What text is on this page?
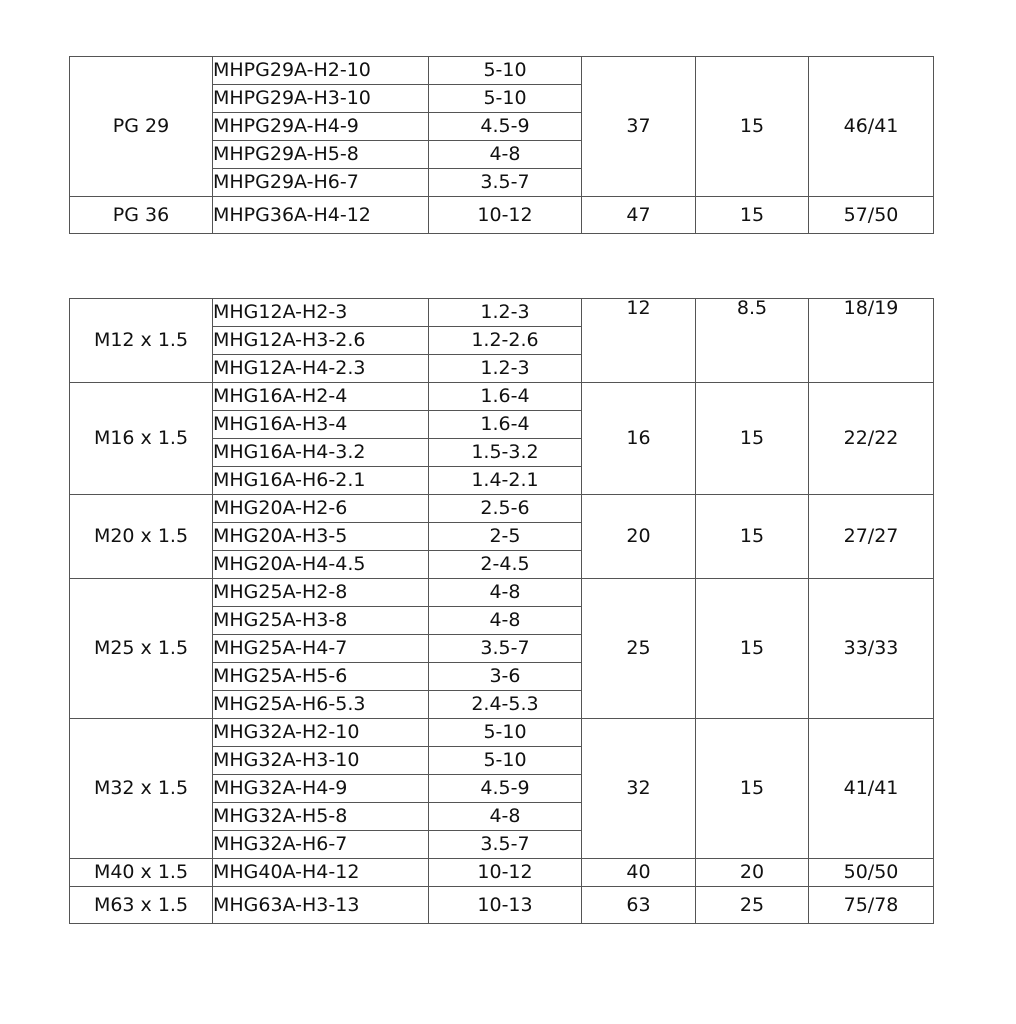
PG 29	MHPG29A-H2-10	5-10	37	15	46/41
	MHPG29A-H3-10	5-10			
	MHPG29A-H4-9	4.5-9			
	MHPG29A-H5-8	4-8			
	MHPG29A-H6-7	3.5-7			
PG 36	MHPG36A-H4-12	10-12	47	15	57/50
M12 x 1.5	MHG12A-H2-3	1.2-3	12	8.5	18/19
	MHG12A-H3-2.6	1.2-2.6			
	MHG12A-H4-2.3	1.2-3			
M16 x 1.5	MHG16A-H2-4	1.6-4	16	15	22/22
	MHG16A-H3-4	1.6-4			
	MHG16A-H4-3.2	1.5-3.2			
	MHG16A-H6-2.1	1.4-2.1			
M20 x 1.5	MHG20A-H2-6	2.5-6	20	15	27/27
	MHG20A-H3-5	2-5			
	MHG20A-H4-4.5	2-4.5			
M25 x 1.5	MHG25A-H2-8	4-8	25	15	33/33
	MHG25A-H3-8	4-8			
	MHG25A-H4-7	3.5-7			
	MHG25A-H5-6	3-6			
	MHG25A-H6-5.3	2.4-5.3			
M32 x 1.5	MHG32A-H2-10	5-10	32	15	41/41
	MHG32A-H3-10	5-10			
	MHG32A-H4-9	4.5-9			
	MHG32A-H5-8	4-8			
	MHG32A-H6-7	3.5-7			
M40 x 1.5	MHG40A-H4-12	10-12	40	20	50/50
M63 x 1.5	MHG63A-H3-13	10-13	63	25	75/78
